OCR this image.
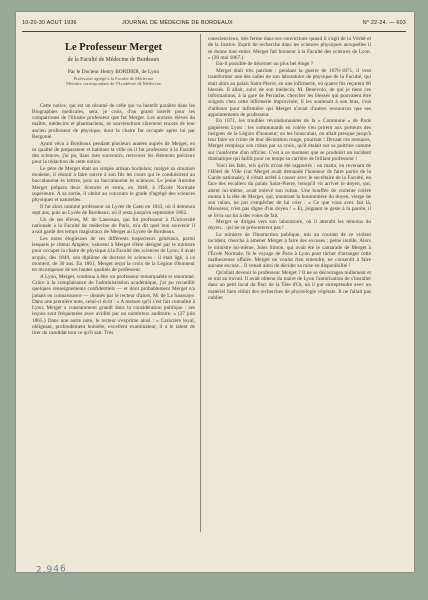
10-20-30 AOUT 1936	JOURNAL DE MÉDECINE DE BORDEAUX	N° 22-24. — 603
Le Professeur Merget
de la Faculté de Médecine de Bordeaux
Par le Docteur Henry BORDIER, de Lyon
Professeur agrégé à la Faculté de Médecine
Membre correspondant de l'Académie de Médecine

Cette notice, qui est un résumé de celle qui va bientôt paraître dans les Biographies médicales, sera, je crois, d'un grand intérêt pour les compatriotes de l'illustre professeur que fut Merget. Les anciens élèves du maître, médecins et pharmaciens, se souviendront sûrement encore de leur ancien professeur de physique, dont la chaire fut occupée après lui par Bergonié.

Ayant vécu à Bordeaux pendant plusieurs années auprès de Merget, en sa qualité de préparateur et habitant la ville où il fut professeur à la Faculté des sciences, j'ai pu, dans mes souvenirs, retrouver les éléments précieux pour la rédaction de cette notice.

Le père de Merget était un simple artisan bordelais; malgré sa situation modeste, il réussit à faire suivre à son fils les cours qui le conduisirent au baccalauréat ès lettres, puis au baccalauréat ès sciences. Le jeune Antoine Merget prépara deux licences et entra, en 1840, à l'École Normale supérieure. A sa sortie, il obtint au concours le grade d'agrégé des sciences physiques et naturelles.

Il fut alors nommé professeur au Lycée de Caen en 1843, où il demeura sept ans, puis au Lycée de Bordeaux, où il resta jusqu'en septembre 1862.

Un de ses élèves, M. de Lanessan, qui fut professeur à l'Université nationale à la Faculté de médecine de Paris, m'a dit quel bon souvenir il avait gardé des temps magistraux de Merget au Lycée de Bordeaux.

Les notes élogieuses de ses différents inspecteurs généraux, parmi lesquels je citerai Ampère, valurent à Merget d'être désigné par le ministre pour occuper la chaire de physique à la Faculté des sciences de Lyon; il avait acquis, dès 1849, son diplôme de docteur ès sciences : il était âgé, à ce moment, de 30 ans. En 1861, Merget reçut la croix de la Légion d'honneur en récompense de ses hautes qualités de professeur.

A Lyon, Merget, continua à être un professeur remarquable et renommé. Grâce à la complaisance de l'administration académique, j'ai pu recueillir quelques renseignements confidentiels — et dont probablement Merget n'a jamais eu connaissance — donnés par le recteur d'alors, M. de La Saussaye. Dans une première note, celui-ci écrit : « A mesure qu'il s'est fait connaître à Lyon, Merget a constamment grandi dans la considération publique : ses leçons sont fréquentées avec avidité par un nombreux auditoire. » (27 juin 1865.) Dans une autre note, le recteur s'exprime ainsi : « Caractère loyal, obligeant, profondément honnête, excellent examinateur, il a le talent de tirer du candidat tout ce qu'il sait. Très

consciencieux, très ferme dans ses convictions quand il s'agit de la Vérité et de la Justice. Esprit de recherche dans les sciences physiques auxquelles il se donne tout entier. Merget fait honneur à la Faculté des sciences de Lyon. » (20 mai 1867.)

Est-il possible de décerner un plus bel éloge ?

Merget était très patriote : pendant la guerre de 1870-1871, il veut transformer une des salles de son laboratoire de physique de la Faculté, qui était alors au palais Saint-Pierre, en une infirmerie, où quatre lits reçurent 60 blessés. Il allait, suivi de son médecin, M. Benevolo, de qui je tiens ces informations, à la gare de Perrache, chercher les blessés qui pouvaient être soignés chez cette infirmerie improvisée; il les soutenait à son bras, c'est d'ailleurs pour infirmière qui Merget n'avait d'autres ressources que ses appointements de professeur.

En 1871, les troubles révolutionnaires de la « Commune » de Paris gagnèrent Lyon : les communards en colère s'en prirent aux porteurs des insignes de la Légion d'honneur; on les bousculait, on allait presque jusqu'à leur faire un crime de leur décoration rouge, pourtant ! Devant ces menaces, Merget remplaça son ruban par sa croix, qu'il étalait sur sa poitrine comme sur l'uniforme d'un officier. C'est à ce moment que se produisit un incident dramatique qui faillit pour un temps sa carrière de brillant professeur !

Voici les faits, tels qu'ils m'ont été rapportés : un matin, en revenant de l'Hôtel de Ville (car Merget avait demandé l'honneur de faire partie de la Garde nationale), il s'était arrêté à causer avec le secrétaire de la Faculté, en face des escaliers du palais Saint-Pierre, lorsqu'il vit arriver le doyen, qui, alerté lui-même, avait enlevé son ruban. Une bouffée de violente colère monta à la tête de Merget, qui, montrant la boutonnière du doyen, vierge de son ruban, ne put s'empêcher de lui crier : « Ce que vous avez fait là, Monsieur, n'est pas digne d'un doyen ! » Et, joignant le geste à la parole, il se livra sur lui à des voies de fait.

Merget se dirigea vers son laboratoire, où il attendit les témoins du doyen... qui ne se présentèrent pas !

Le ministre de l'Instruction publique, mis au courant de ce violent incident, chercha à amener Merget à faire des excuses ; peine inutile. Alors le ministre lui-même, Jules Simon, qui avait été le camarade de Merget à l'École Normale, fit le voyage de Paris à Lyon pour tâcher d'arranger cette malheureuse affaire. Merget ne voulut rien entendre, ne consentit à faire aucune excuse... Il venait ainsi de décider sa mise en disponibilité !

Qu'allait devenir le professeur Merget ? Il ne se découragea nullement et se mit au travail. Il avait obtenu du maire de Lyon l'autorisation de s'installer dans un petit local du Parc de la Tête d'Or, où il put entreprendre avec un matériel bien réduit des recherches de physiologie végétale. Il ne fallait pas oublier

2.946
